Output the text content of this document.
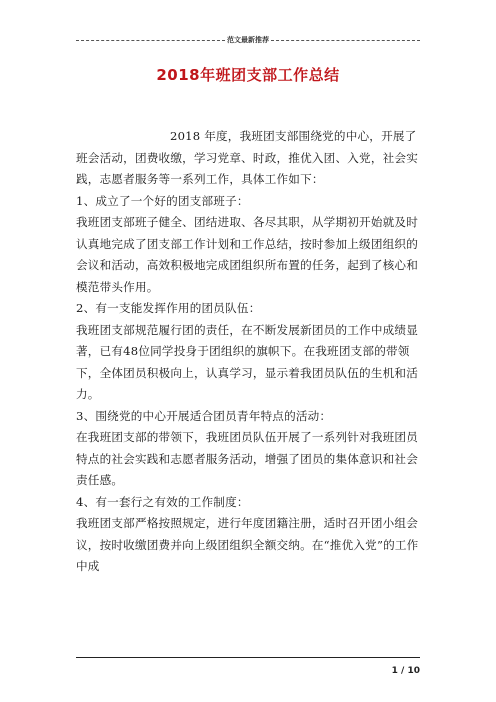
范文最新推荐
2018年班团支部工作总结

2018 年度，我班团支部围绕党的中心，开展了班会活动，团费收缴，学习党章、时政，推优入团、入党，社会实践，志愿者服务等一系列工作，具体工作如下：

1、成立了一个好的团支部班子：

我班团支部班子健全、团结进取、各尽其职，从学期初开始就及时认真地完成了团支部工作计划和工作总结，按时参加上级团组织的会议和活动，高效积极地完成团组织所布置的任务，起到了核心和模范带头作用。

2、有一支能发挥作用的团员队伍：

我班团支部规范履行团的责任，在不断发展新团员的工作中成绩显著，已有48位同学投身于团组织的旗帜下。在我班团支部的带领下，全体团员积极向上，认真学习，显示着我团员队伍的生机和活力。

3、围绕党的中心开展适合团员青年特点的活动：

在我班团支部的带领下，我班团员队伍开展了一系列针对我班团员特点的社会实践和志愿者服务活动，增强了团员的集体意识和社会责任感。

4、有一套行之有效的工作制度：

我班团支部严格按照规定，进行年度团籍注册，适时召开团小组会议，按时收缴团费并向上级团组织全额交纳。在“推优入党”的工作中成

1 / 10
